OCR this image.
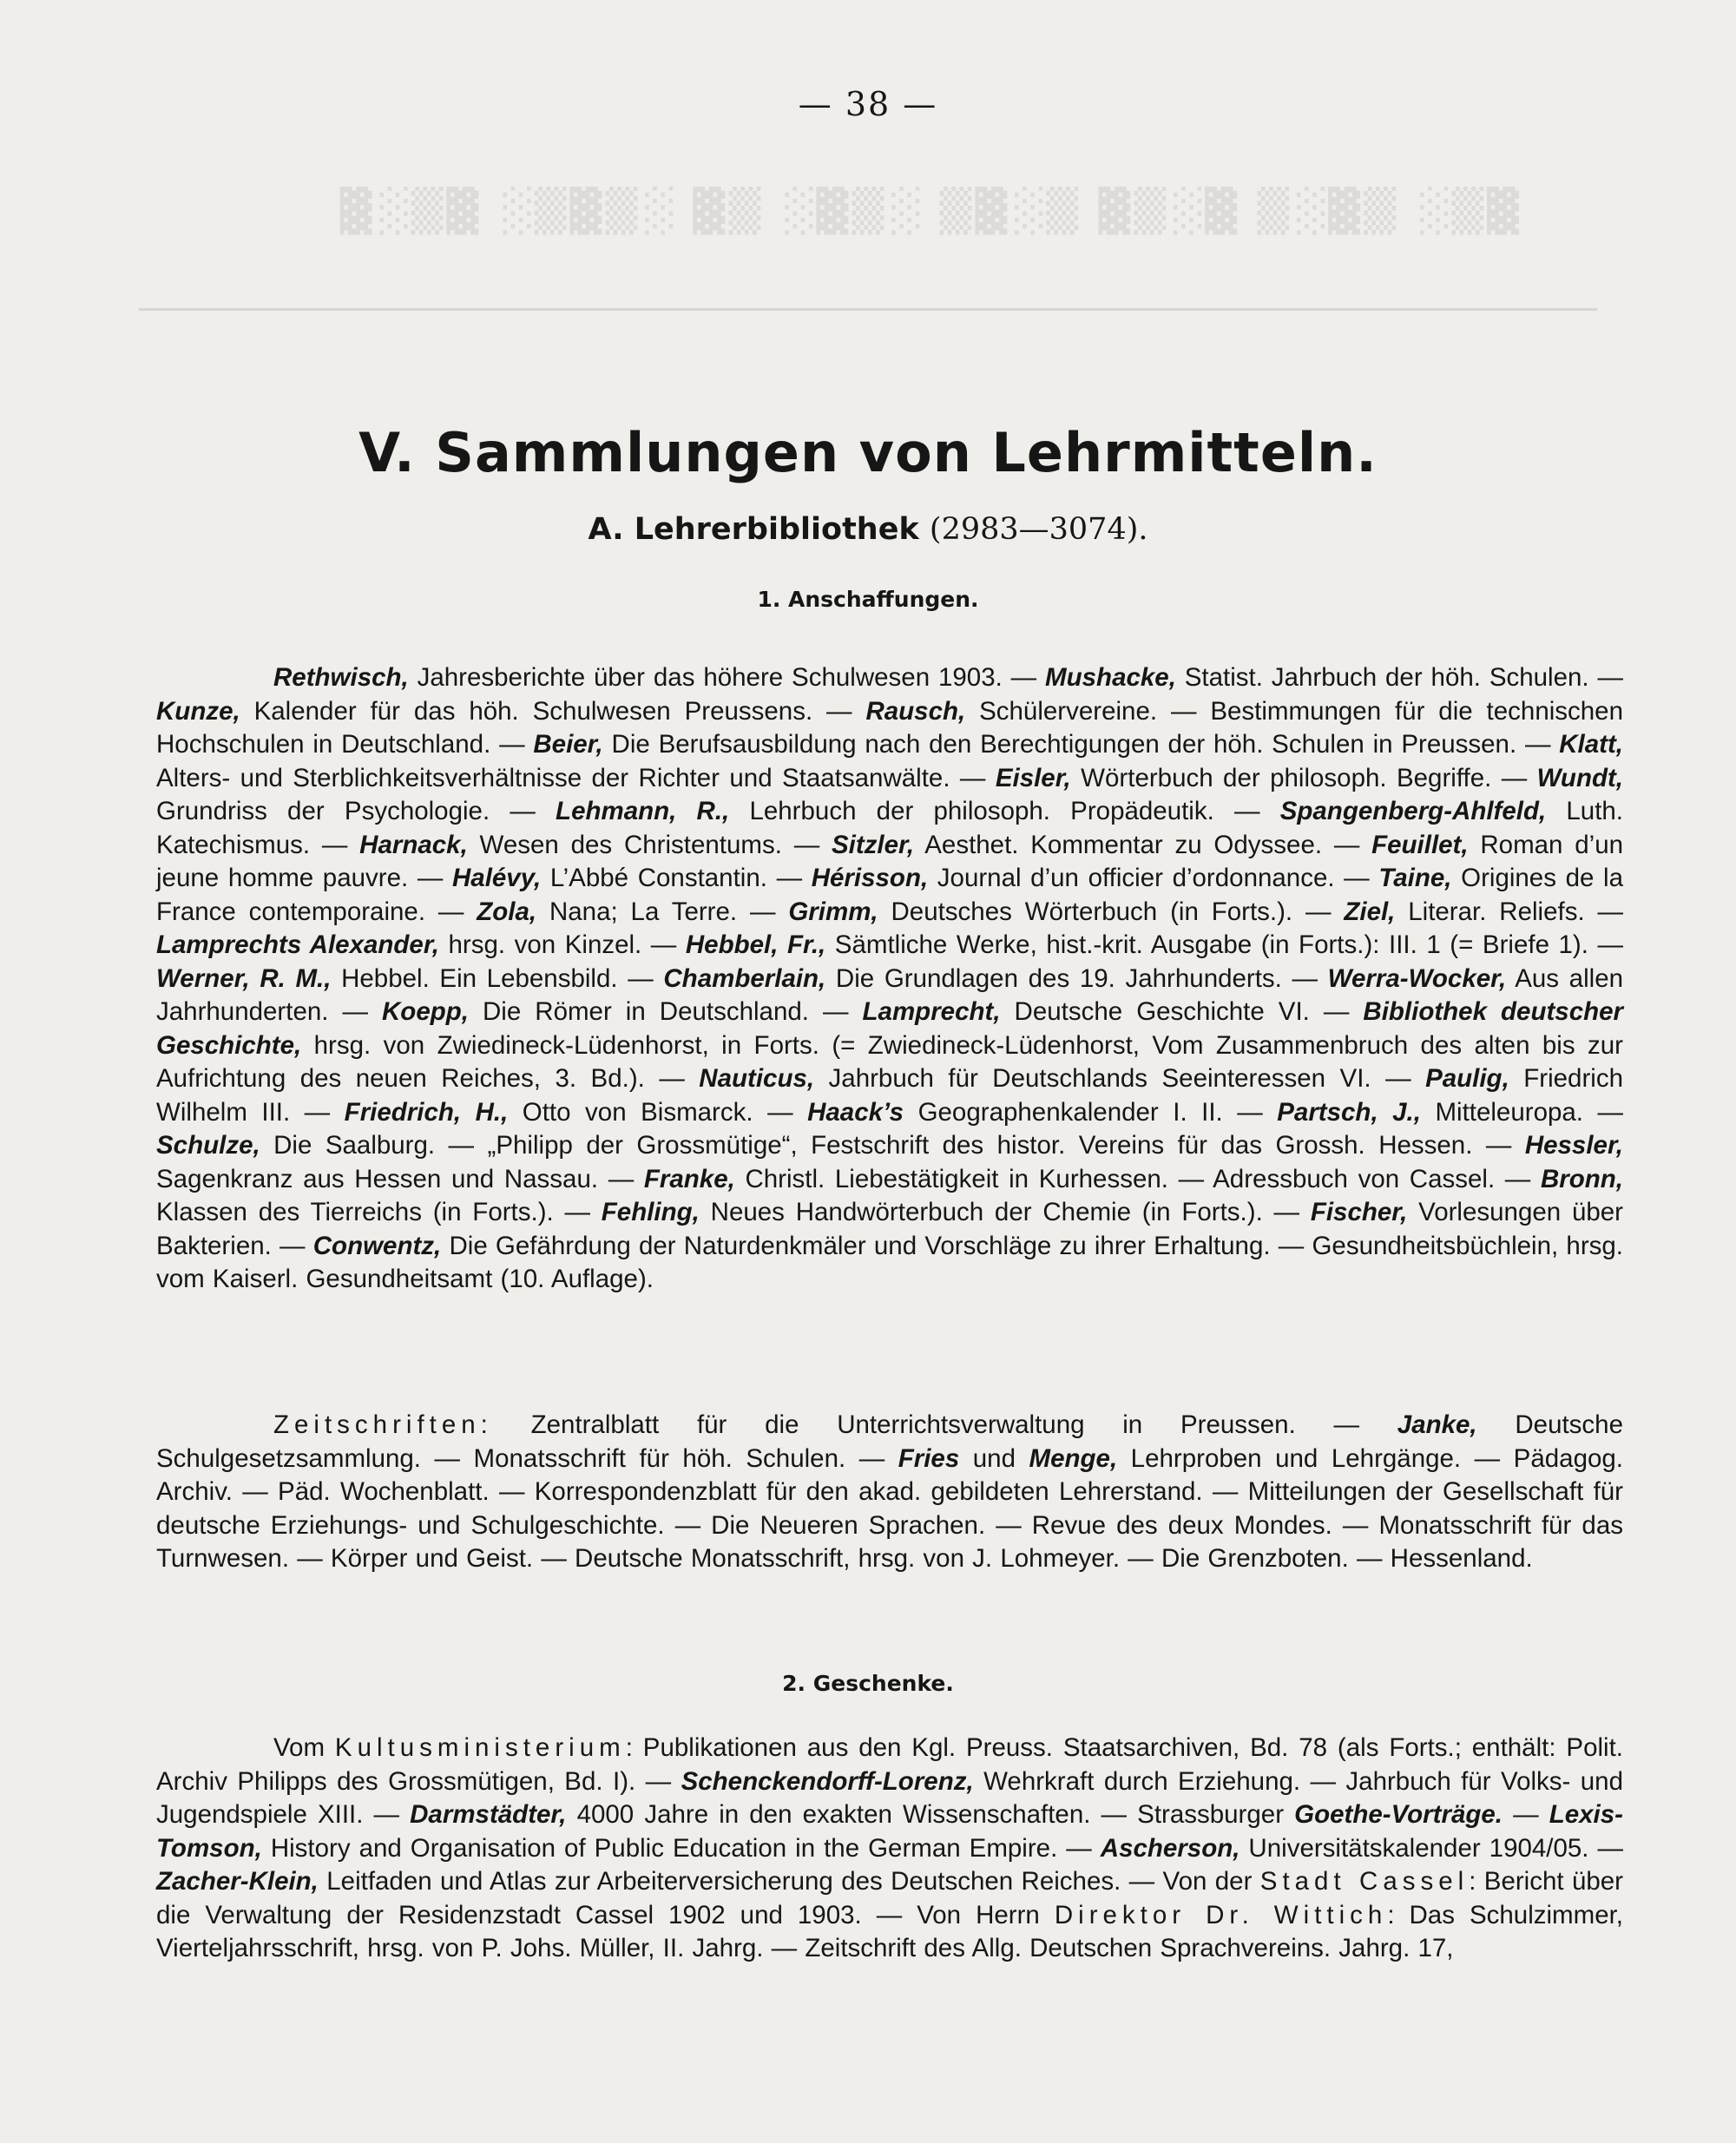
▓▒░ ▒▓░▒ ▓░▒▓ ▒░▓▒ ░▒▓░ ▒▓ ░▒▓▒░ ▓▒░▓
— 38 —
V. Sammlungen von Lehrmitteln.
A. Lehrerbibliothek (2983—3074).
1. Anschaffungen.
Rethwisch, Jahresberichte über das höhere Schulwesen 1903. — Mushacke, Statist. Jahrbuch der höh. Schulen. — Kunze, Kalender für das höh. Schulwesen Preussens. — Rausch, Schülervereine. — Bestimmungen für die technischen Hochschulen in Deutschland. — Beier, Die Berufsausbildung nach den Berechtigungen der höh. Schulen in Preussen. — Klatt, Alters- und Sterblichkeitsverhältnisse der Richter und Staatsanwälte. — Eisler, Wörterbuch der philosoph. Begriffe. — Wundt, Grundriss der Psychologie. — Lehmann, R., Lehrbuch der philosoph. Propädeutik. — Spangenberg-Ahlfeld, Luth. Katechismus. — Harnack, Wesen des Christentums. — Sitzler, Aesthet. Kommentar zu Odyssee. — Feuillet, Roman d’un jeune homme pauvre. — Halévy, L’Abbé Constantin. — Hérisson, Journal d’un officier d’ordonnance. — Taine, Origines de la France contemporaine. — Zola, Nana; La Terre. — Grimm, Deutsches Wörterbuch (in Forts.). — Ziel, Literar. Reliefs. — Lamprechts Alexander, hrsg. von Kinzel. — Hebbel, Fr., Sämtliche Werke, hist.-krit. Ausgabe (in Forts.): III. 1 (= Briefe 1). — Werner, R. M., Hebbel. Ein Lebensbild. — Chamberlain, Die Grundlagen des 19. Jahrhunderts. — Werra-Wocker, Aus allen Jahrhunderten. — Koepp, Die Römer in Deutschland. — Lamprecht, Deutsche Geschichte VI. — Bibliothek deutscher Geschichte, hrsg. von Zwiedineck-Lüdenhorst, in Forts. (= Zwiedineck-Lüdenhorst, Vom Zusammenbruch des alten bis zur Aufrichtung des neuen Reiches, 3. Bd.). — Nauticus, Jahrbuch für Deutschlands Seeinteressen VI. — Paulig, Friedrich Wilhelm III. — Friedrich, H., Otto von Bismarck. — Haack’s Geographenkalender I. II. — Partsch, J., Mitteleuropa. — Schulze, Die Saalburg. — „Philipp der Grossmütige“, Festschrift des histor. Vereins für das Grossh. Hessen. — Hessler, Sagenkranz aus Hessen und Nassau. — Franke, Christl. Liebestätigkeit in Kurhessen. — Adressbuch von Cassel. — Bronn, Klassen des Tierreichs (in Forts.). — Fehling, Neues Handwörterbuch der Chemie (in Forts.). — Fischer, Vorlesungen über Bakterien. — Conwentz, Die Gefährdung der Naturdenkmäler und Vorschläge zu ihrer Erhaltung. — Gesundheitsbüchlein, hrsg. vom Kaiserl. Gesundheitsamt (10. Auflage).
Zeitschriften: Zentralblatt für die Unterrichtsverwaltung in Preussen. — Janke, Deutsche Schulgesetzsammlung. — Monatsschrift für höh. Schulen. — Fries und Menge, Lehrproben und Lehrgänge. — Pädagog. Archiv. — Päd. Wochenblatt. — Korrespondenzblatt für den akad. gebildeten Lehrerstand. — Mitteilungen der Gesellschaft für deutsche Erziehungs- und Schulgeschichte. — Die Neueren Sprachen. — Revue des deux Mondes. — Monatsschrift für das Turnwesen. — Körper und Geist. — Deutsche Monatsschrift, hrsg. von J. Lohmeyer. — Die Grenzboten. — Hessenland.
2. Geschenke.
Vom Kultusministerium: Publikationen aus den Kgl. Preuss. Staatsarchiven, Bd. 78 (als Forts.; enthält: Polit. Archiv Philipps des Grossmütigen, Bd. I). — Schenckendorff-Lorenz, Wehrkraft durch Erziehung. — Jahrbuch für Volks- und Jugendspiele XIII. — Darmstädter, 4000 Jahre in den exakten Wissenschaften. — Strassburger Goethe-Vorträge. — Lexis-Tomson, History and Organisation of Public Education in the German Empire. — Ascherson, Universitätskalender 1904/05. — Zacher-Klein, Leitfaden und Atlas zur Arbeiterversicherung des Deutschen Reiches. — Von der Stadt Cassel: Bericht über die Verwaltung der Residenzstadt Cassel 1902 und 1903. — Von Herrn Direktor Dr. Wittich: Das Schulzimmer, Vierteljahrsschrift, hrsg. von P. Johs. Müller, II. Jahrg. — Zeitschrift des Allg. Deutschen Sprachvereins. Jahrg. 17,
